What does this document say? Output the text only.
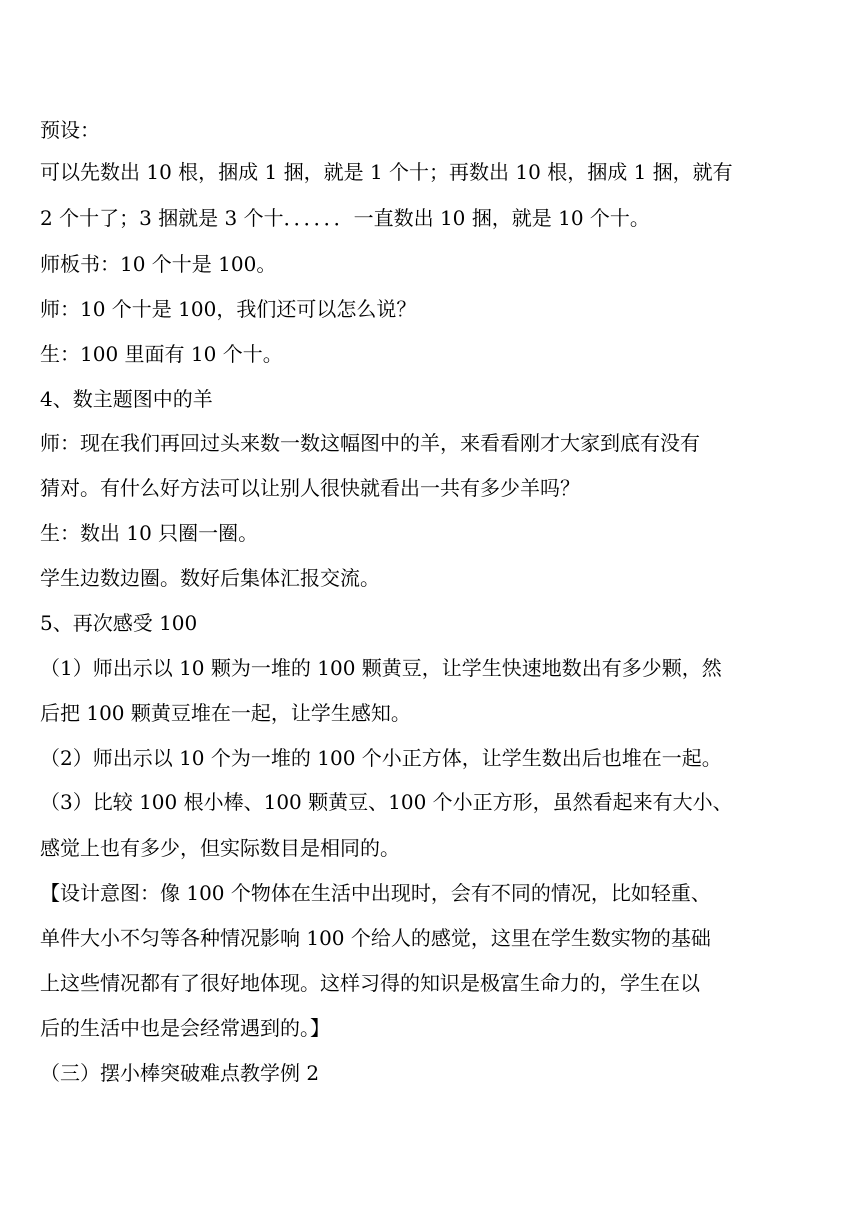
预设：
可以先数出 10 根，捆成 1 捆，就是 1 个十；再数出 10 根，捆成 1 捆，就有
2 个十了；3 捆就是 3 个十．．．．．．一直数出 10 捆，就是 10 个十。
师板书：10 个十是 100。
师：10 个十是 100，我们还可以怎么说？
生：100 里面有 10 个十。
4、数主题图中的羊
师：现在我们再回过头来数一数这幅图中的羊，来看看刚才大家到底有没有
猜对。有什么好方法可以让别人很快就看出一共有多少羊吗？
生：数出 10 只圈一圈。
学生边数边圈。数好后集体汇报交流。
5、再次感受 100
（1）师出示以 10 颗为一堆的 100 颗黄豆，让学生快速地数出有多少颗，然
后把 100 颗黄豆堆在一起，让学生感知。
（2）师出示以 10 个为一堆的 100 个小正方体，让学生数出后也堆在一起。
（3）比较 100 根小棒、100 颗黄豆、100 个小正方形，虽然看起来有大小、
感觉上也有多少，但实际数目是相同的。
【设计意图：像 100 个物体在生活中出现时，会有不同的情况，比如轻重、
单件大小不匀等各种情况影响 100 个给人的感觉，这里在学生数实物的基础
上这些情况都有了很好地体现。这样习得的知识是极富生命力的，学生在以
后的生活中也是会经常遇到的。】
（三）摆小棒突破难点教学例 2
